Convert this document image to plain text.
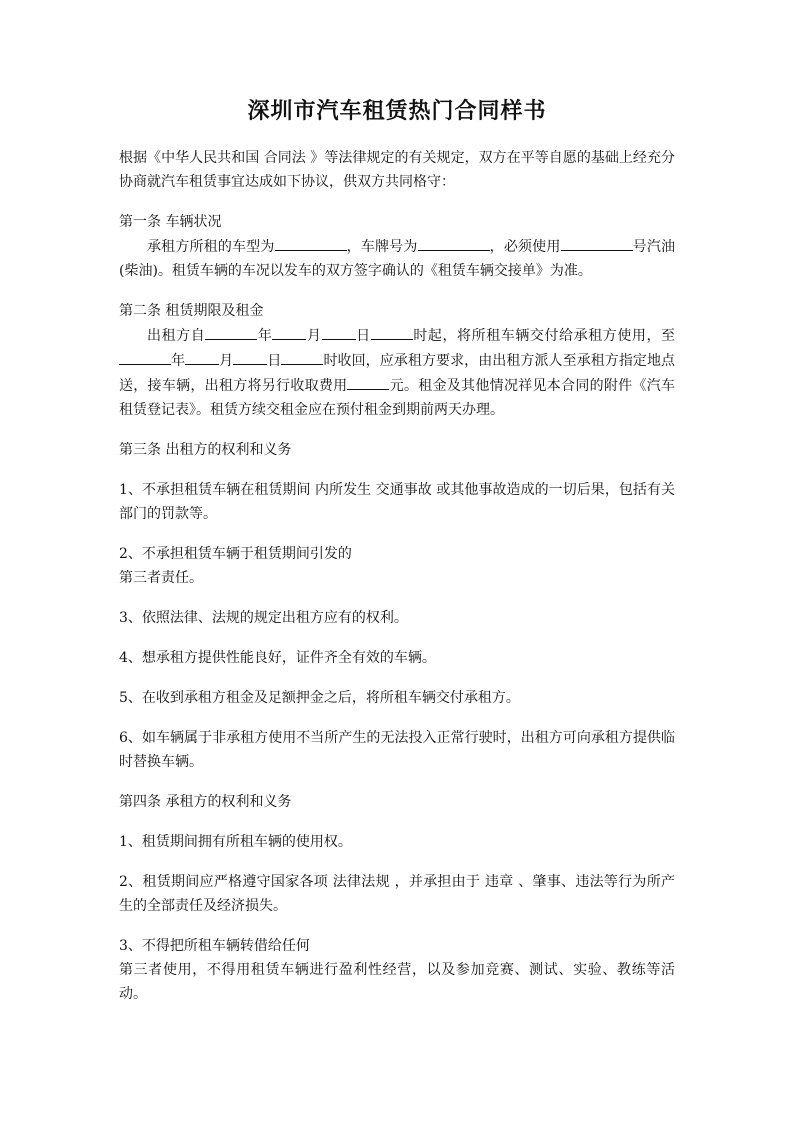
深圳市汽车租赁热门合同样书

根据《中华人民共和国 合同法 》等法律规定的有关规定，双方在平等自愿的基础上经充分协商就汽车租赁事宜达成如下协议，供双方共同格守：

第一条 车辆状况

承租方所租的车型为	，车牌号为	，必须使用	号汽油(柴油)。租赁车辆的车况以发车的双方签字确认的《租赁车辆交接单》为准。

第二条 租赁期限及租金

出租方自	年 月 日	时起，将所租车辆交付给承租方使用，至年 月 日	时收回，应承租方要求，由出租方派人至承租方指定地点送，接车辆，出租方将另行收取费用	元。租金及其他情况祥见本合同的附件《汽车租赁登记表》。租赁方续交租金应在预付租金到期前两天办理。

第三条 出租方的权利和义务

1、不承担租赁车辆在租赁期间 内所发生 交通事故 或其他事故造成的一切后果，包括有关部门的罚款等。

2、不承担租赁车辆于租赁期间引发的

第三者责任。

3、依照法律、法规的规定出租方应有的权利。

4、想承租方提供性能良好，证件齐全有效的车辆。

5、在收到承租方租金及足额押金之后，将所租车辆交付承租方。

6、如车辆属于非承租方使用不当所产生的无法投入正常行驶时，出租方可向承租方提供临时替换车辆。

第四条 承租方的权利和义务

1、租赁期间拥有所租车辆的使用权。

2、租赁期间应严格遵守国家各项 法律法规 ，并承担由于 违章 、肇事、违法等行为所产生的全部责任及经济损失。

3、不得把所租车辆转借给任何

第三者使用，不得用租赁车辆进行盈利性经营，以及参加竞赛、测试、实验、教练等活动。
